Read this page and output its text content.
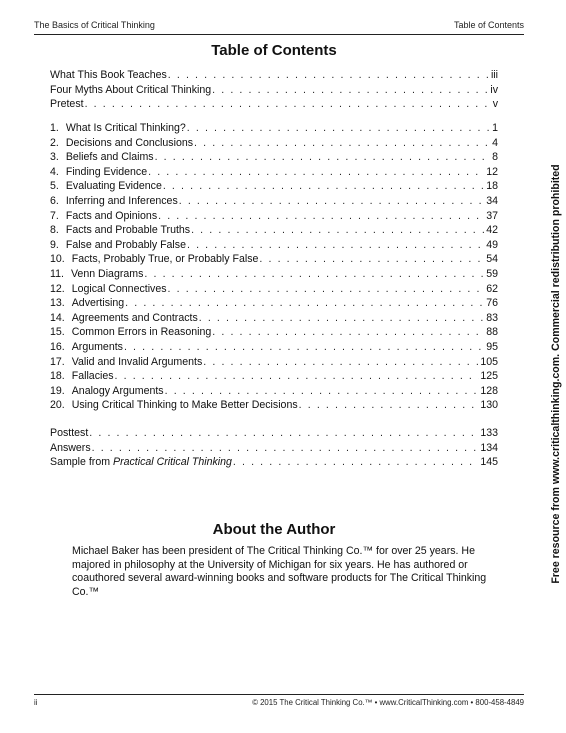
The Basics of Critical Thinking	Table of Contents
Table of Contents
What This Book Teaches . . .	iii
Four Myths About Critical Thinking . . .	iv
Pretest . . .	v
1. What Is Critical Thinking? . . .	1
2. Decisions and Conclusions . . .	4
3. Beliefs and Claims . . .	8
4. Finding Evidence . . .	12
5. Evaluating Evidence . . .	18
6. Inferring and Inferences . . .	34
7. Facts and Opinions . . .	37
8. Facts and Probable Truths . . .	42
9. False and Probably False . . .	49
10. Facts, Probably True, or Probably False . . .	54
11. Venn Diagrams . . .	59
12. Logical Connectives . . .	62
13. Advertising . . .	76
14. Agreements and Contracts . . .	83
15. Common Errors in Reasoning . . .	88
16. Arguments . . .	95
17. Valid and Invalid Arguments . . .	105
18. Fallacies . . .	125
19. Analogy Arguments . . .	128
20. Using Critical Thinking to Make Better Decisions . . .	130
Posttest . . .	133
Answers . . .	134
Sample from Practical Critical Thinking . . .	145
About the Author
Michael Baker has been president of The Critical Thinking Co.™ for over 25 years. He majored in philosophy at the University of Michigan for six years. He has authored or coauthored several award-winning books and software products for The Critical Thinking Co.™
Free resource from www.criticalthinking.com. Commercial redistribution prohibited
ii	© 2015 The Critical Thinking Co.™ • www.CriticalThinking.com • 800-458-4849
